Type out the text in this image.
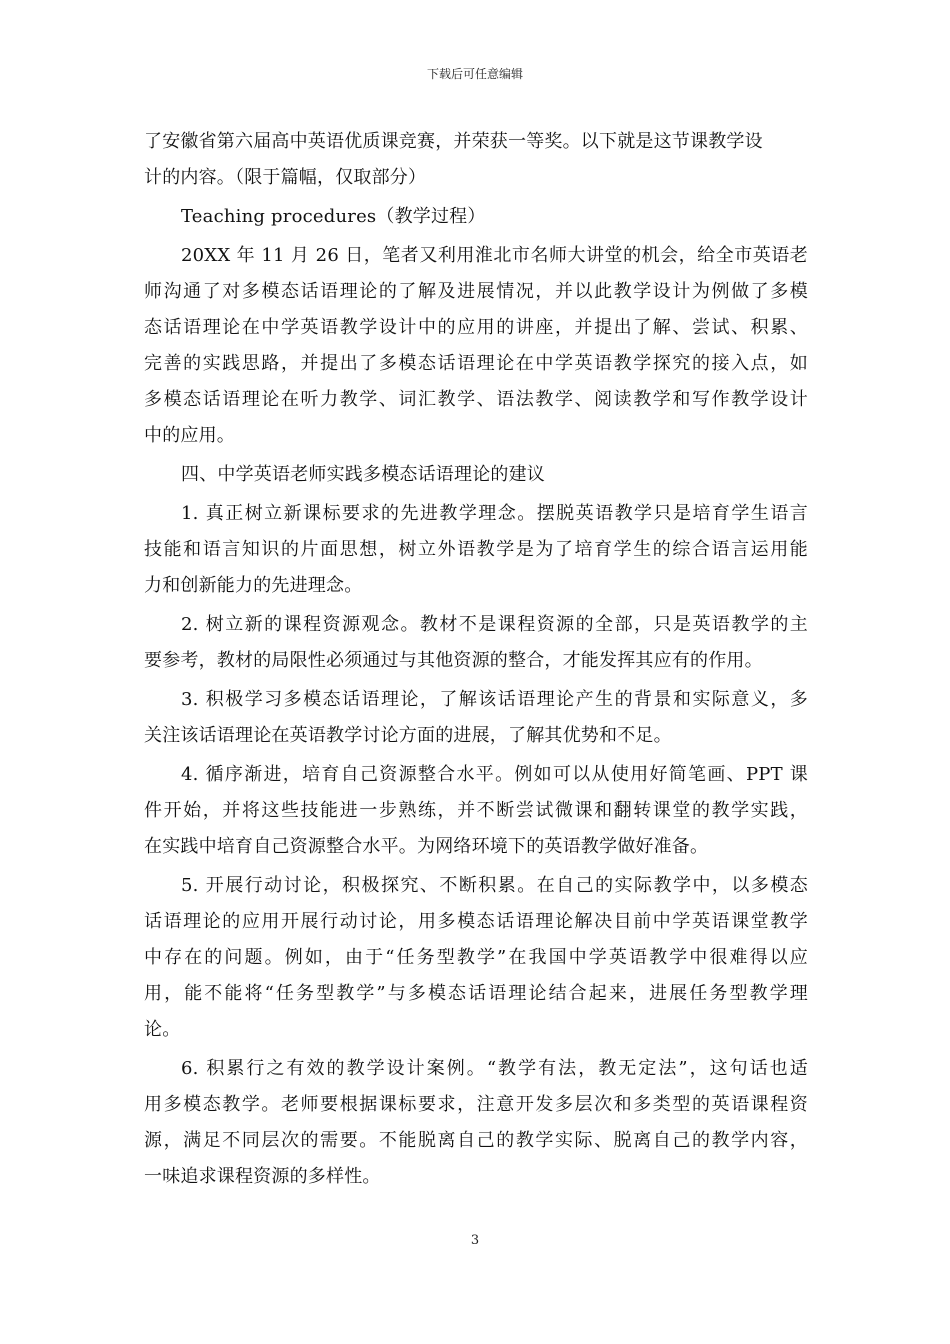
下载后可任意编辑
了安徽省第六届高中英语优质课竞赛，并荣获一等奖。以下就是这节课教学设
计的内容。（限于篇幅，仅取部分）
Teaching procedures（教学过程）
20XX 年 11 月 26 日，笔者又利用淮北市名师大讲堂的机会，给全市英语老
师沟通了对多模态话语理论的了解及进展情况，并以此教学设计为例做了多模
态话语理论在中学英语教学设计中的应用的讲座，并提出了解、尝试、积累、
完善的实践思路，并提出了多模态话语理论在中学英语教学探究的接入点，如
多模态话语理论在听力教学、词汇教学、语法教学、阅读教学和写作教学设计
中的应用。
四、中学英语老师实践多模态话语理论的建议
1. 真正树立新课标要求的先进教学理念。摆脱英语教学只是培育学生语言
技能和语言知识的片面思想，树立外语教学是为了培育学生的综合语言运用能
力和创新能力的先进理念。
2. 树立新的课程资源观念。教材不是课程资源的全部，只是英语教学的主
要参考，教材的局限性必须通过与其他资源的整合，才能发挥其应有的作用。
3. 积极学习多模态话语理论，了解该话语理论产生的背景和实际意义，多
关注该话语理论在英语教学讨论方面的进展，了解其优势和不足。
4. 循序渐进，培育自己资源整合水平。例如可以从使用好简笔画、PPT 课
件开始，并将这些技能进一步熟练，并不断尝试微课和翻转课堂的教学实践，
在实践中培育自己资源整合水平。为网络环境下的英语教学做好准备。
5. 开展行动讨论，积极探究、不断积累。在自己的实际教学中，以多模态
话语理论的应用开展行动讨论，用多模态话语理论解决目前中学英语课堂教学
中存在的问题。例如，由于“任务型教学”在我国中学英语教学中很难得以应
用，能不能将“任务型教学”与多模态话语理论结合起来，进展任务型教学理
论。
6. 积累行之有效的教学设计案例。“教学有法，教无定法”，这句话也适
用多模态教学。老师要根据课标要求，注意开发多层次和多类型的英语课程资
源，满足不同层次的需要。不能脱离自己的教学实际、脱离自己的教学内容，
一味追求课程资源的多样性。
3
